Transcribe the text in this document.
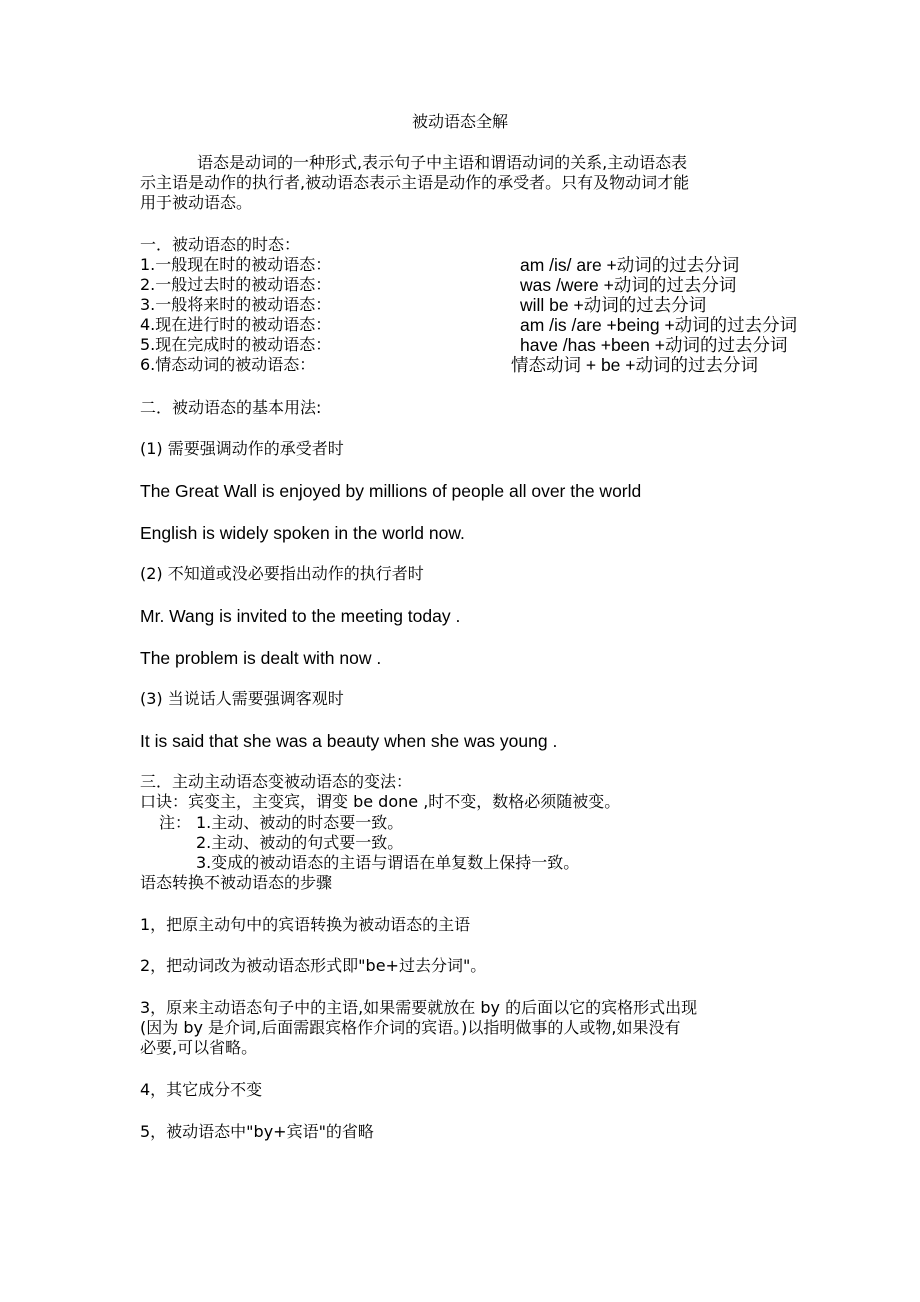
被动语态全解
语态是动词的一种形式,表示句子中主语和谓语动词的关系,主动语态表
示主语是动作的执行者,被动语态表示主语是动作的承受者。只有及物动词才能
用于被动语态。
一．被动语态的时态：
1.一般现在时的被动语态：	am /is/ are +动词的过去分词
2.一般过去时的被动语态：	was /were +动词的过去分词
3.一般将来时的被动语态：	will be +动词的过去分词
4.现在进行时的被动语态：	am /is /are +being +动词的过去分词
5.现在完成时的被动语态：	have /has +been +动词的过去分词
6.情态动词的被动语态：	情态动词 + be +动词的过去分词
二．被动语态的基本用法:
(1) 需要强调动作的承受者时
The Great Wall is enjoyed by millions of people all over the world
English is widely spoken in the world now.
(2) 不知道或没必要指出动作的执行者时
Mr. Wang is invited to the meeting today .
The problem is dealt with now .
(3) 当说话人需要强调客观时
It is said that she was a beauty when she was young .
三．主动主动语态变被动语态的变法：
口诀：宾变主，主变宾，谓变 be done ,时不变，数格必须随被变。
注： 1.主动、被动的时态要一致。
2.主动、被动的句式要一致。
3.变成的被动语态的主语与谓语在单复数上保持一致。
语态转换不被动语态的步骤
1，把原主动句中的宾语转换为被动语态的主语
2，把动词改为被动语态形式即"be+过去分词"。
3，原来主动语态句子中的主语,如果需要就放在 by 的后面以它的宾格形式出现
(因为 by 是介词,后面需跟宾格作介词的宾语。)以指明做事的人或物,如果没有
必要,可以省略。
4，其它成分不变
5，被动语态中"by+宾语"的省略
